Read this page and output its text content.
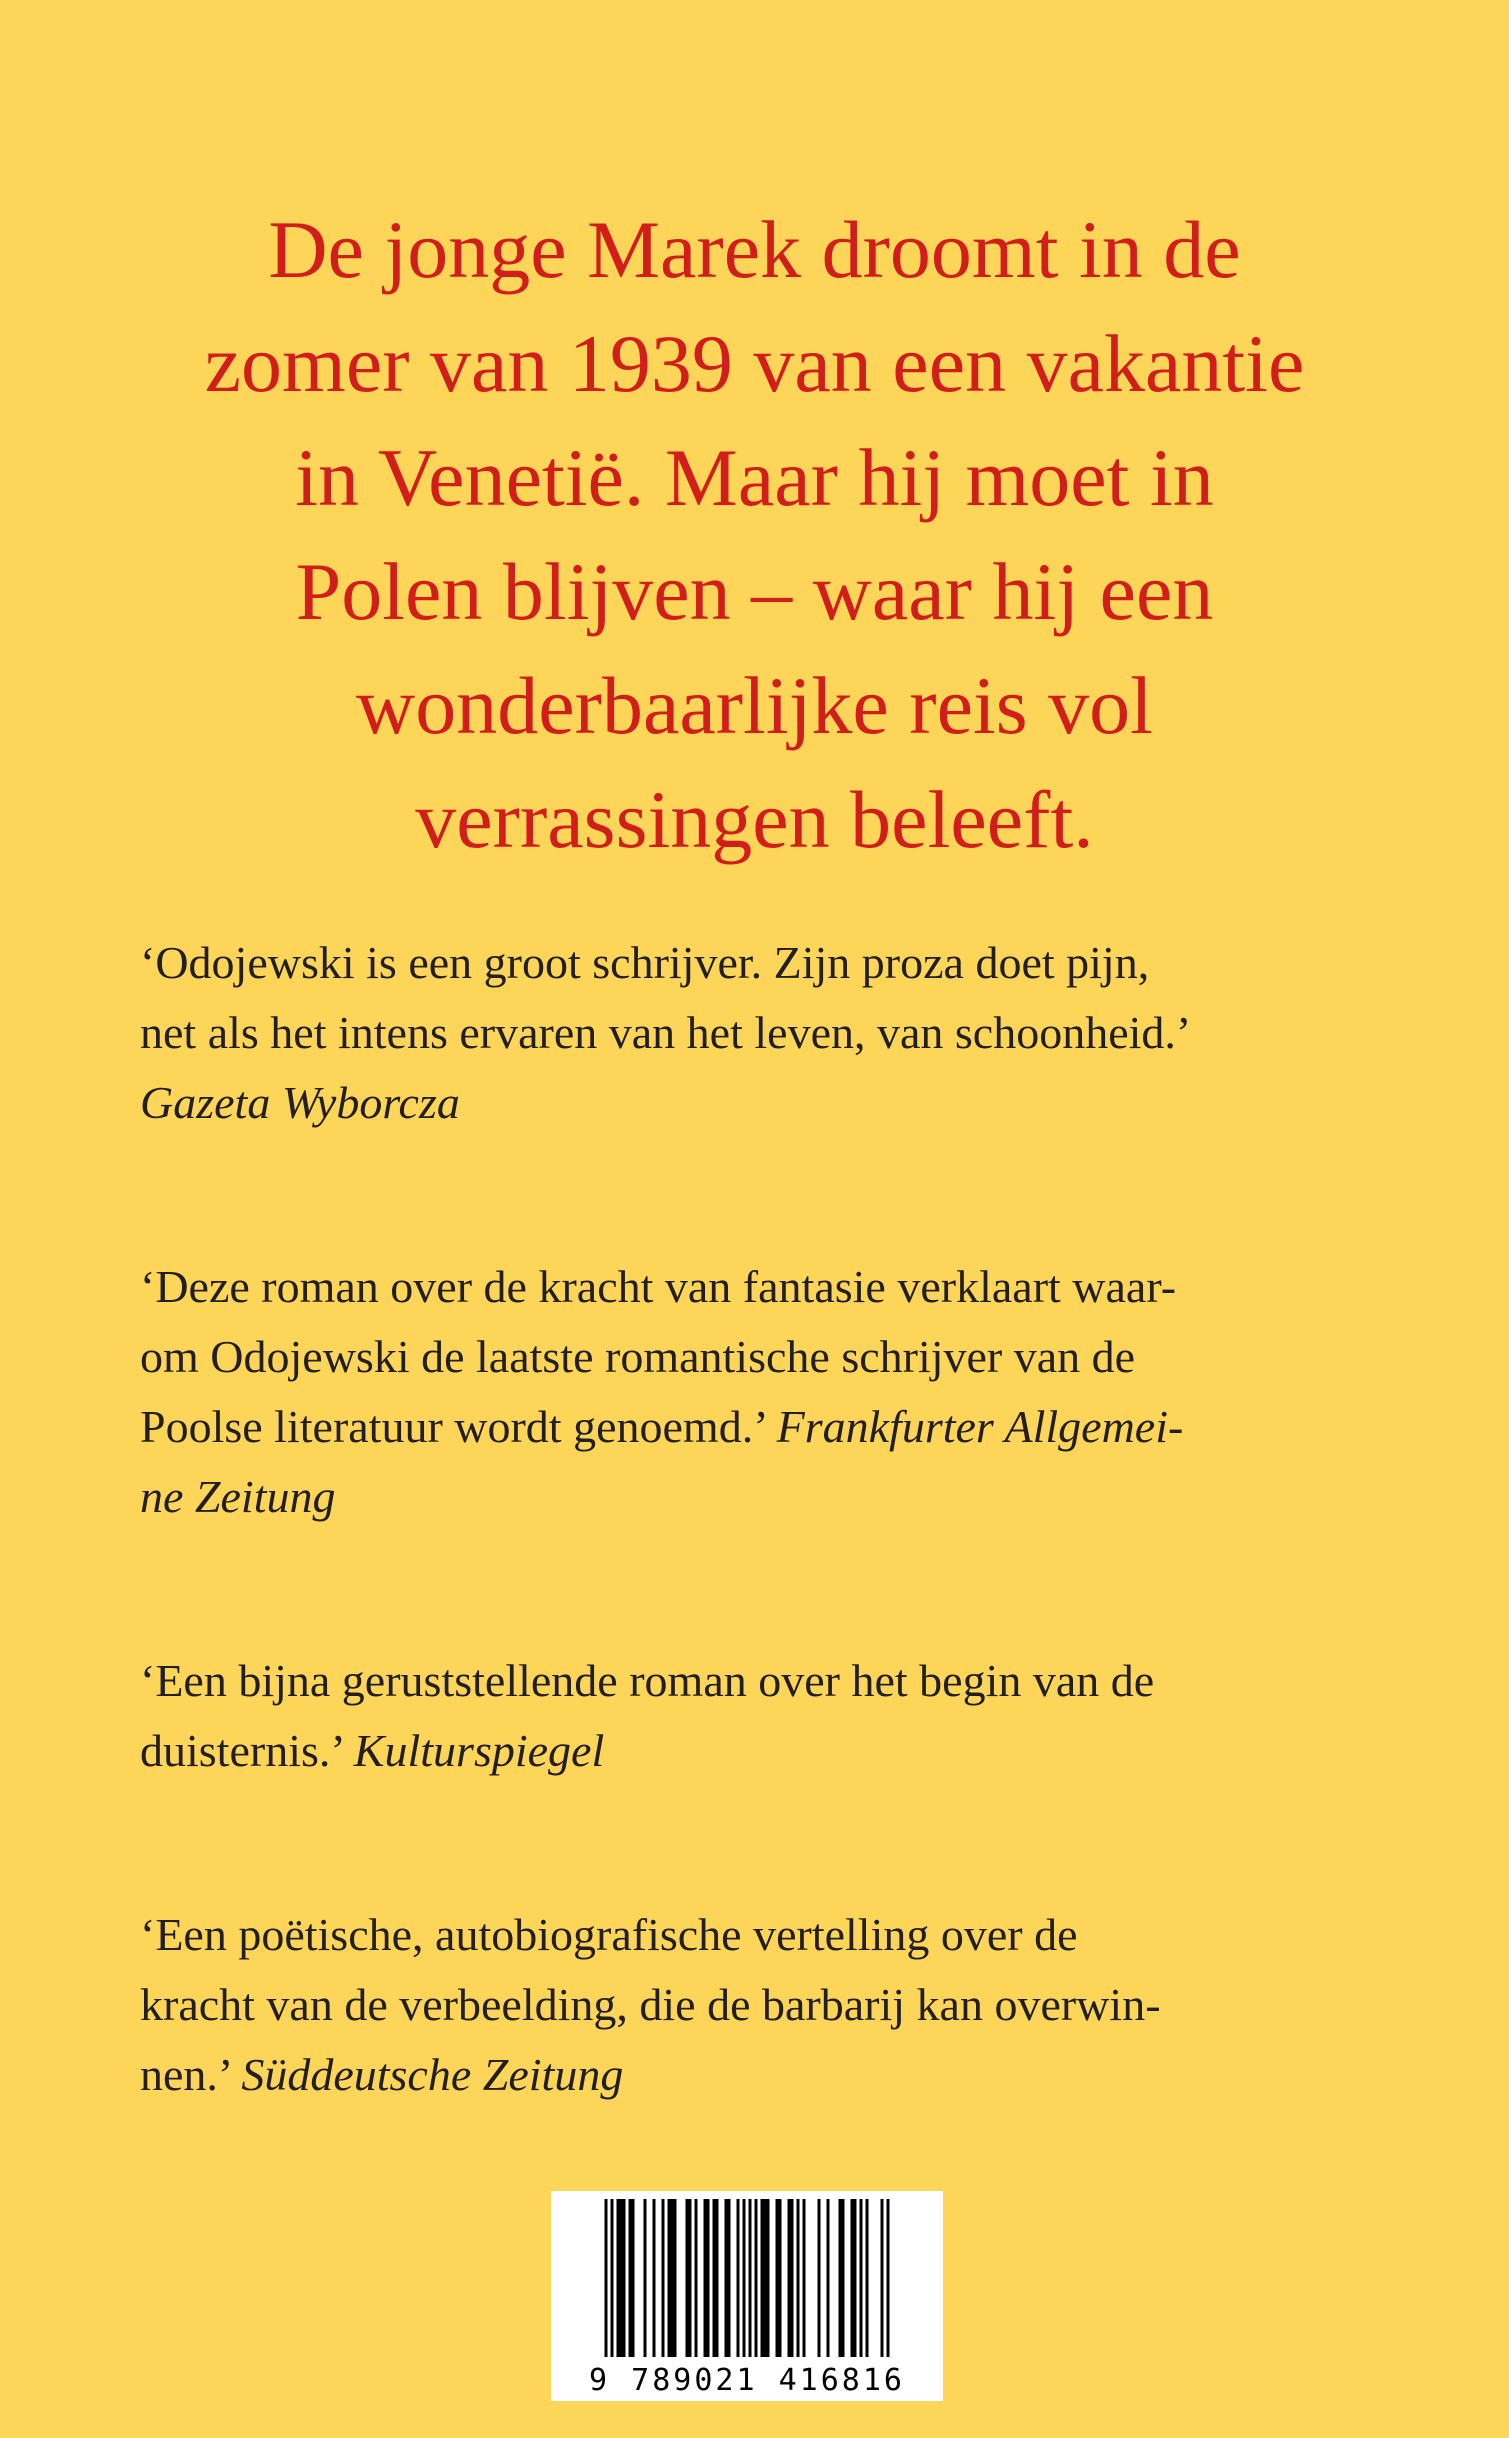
De jonge Marek droomt in de
zomer van 1939 van een vakantie
in Venetië. Maar hij moet in
Polen blijven – waar hij een
wonderbaarlijke reis vol
verrassingen beleeft.

‘Odojewski is een groot schrijver. Zijn proza doet pijn,
net als het intens ervaren van het leven, van schoonheid.’
Gazeta Wyborcza

‘Deze roman over de kracht van fantasie verklaart waar-
om Odojewski de laatste romantische schrijver van de
Poolse literatuur wordt genoemd.’ Frankfurter Allgemei-
ne Zeitung

‘Een bijna geruststellende roman over het begin van de
duisternis.’ Kulturspiegel

‘Een poëtische, autobiografische vertelling over de
kracht van de verbeelding, die de barbarij kan overwin-
nen.’ Süddeutsche Zeitung

9 789021 416816
